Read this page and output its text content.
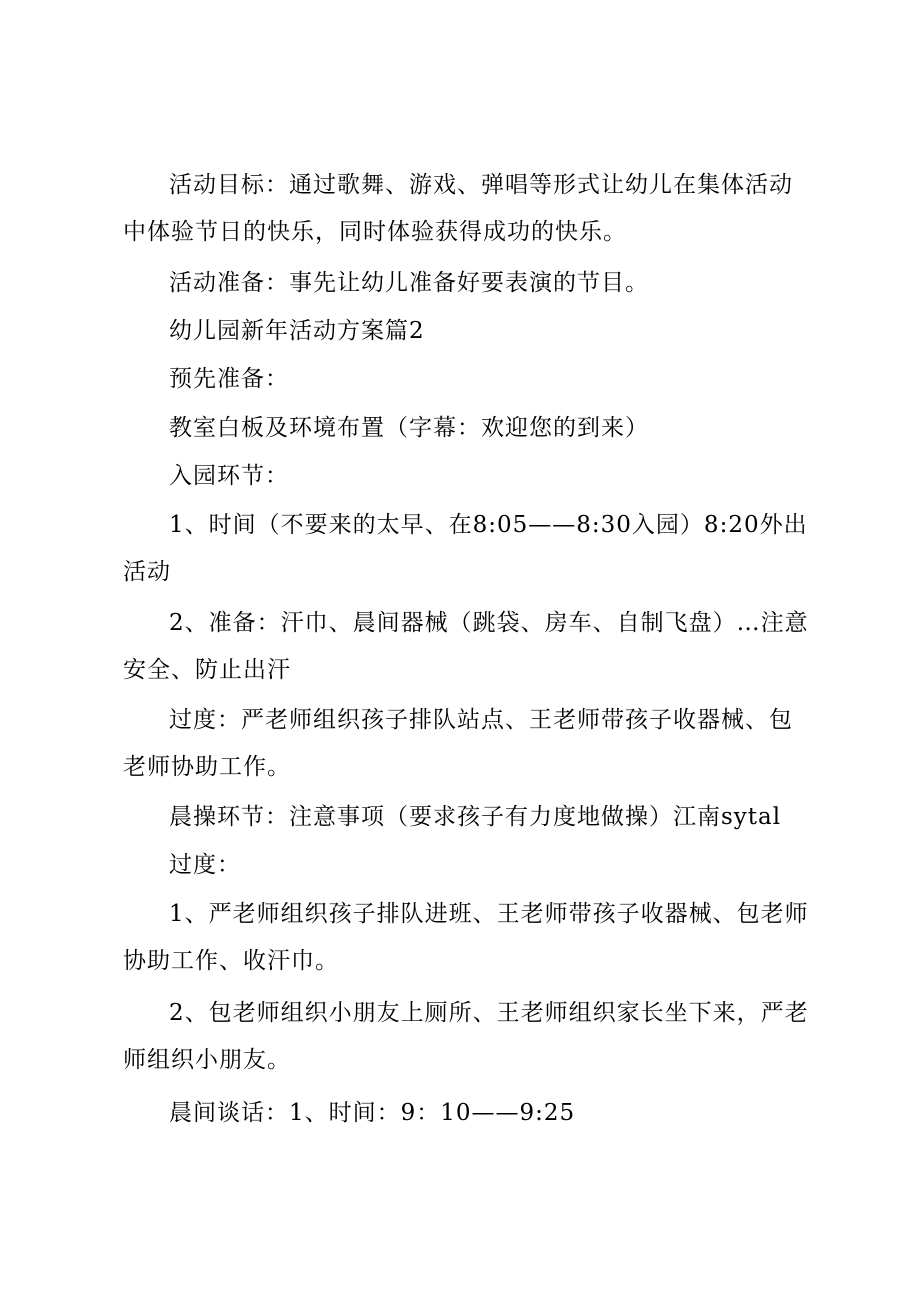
活动目标：通过歌舞、游戏、弹唱等形式让幼儿在集体活动中体验节日的快乐，同时体验获得成功的快乐。

活动准备：事先让幼儿准备好要表演的节目。

幼儿园新年活动方案篇2

预先准备：

教室白板及环境布置（字幕：欢迎您的到来）

入园环节：

1、时间（不要来的太早、在8:05——8:30入园）8:20外出活动

2、准备：汗巾、晨间器械（跳袋、房车、自制飞盘）…注意安全、防止出汗

过度：严老师组织孩子排队站点、王老师带孩子收器械、包老师协助工作。

晨操环节：注意事项（要求孩子有力度地做操）江南sytal

过度：

1、严老师组织孩子排队进班、王老师带孩子收器械、包老师协助工作、收汗巾。

2、包老师组织小朋友上厕所、王老师组织家长坐下来，严老师组织小朋友。

晨间谈话：1、时间：9：10——9:25
